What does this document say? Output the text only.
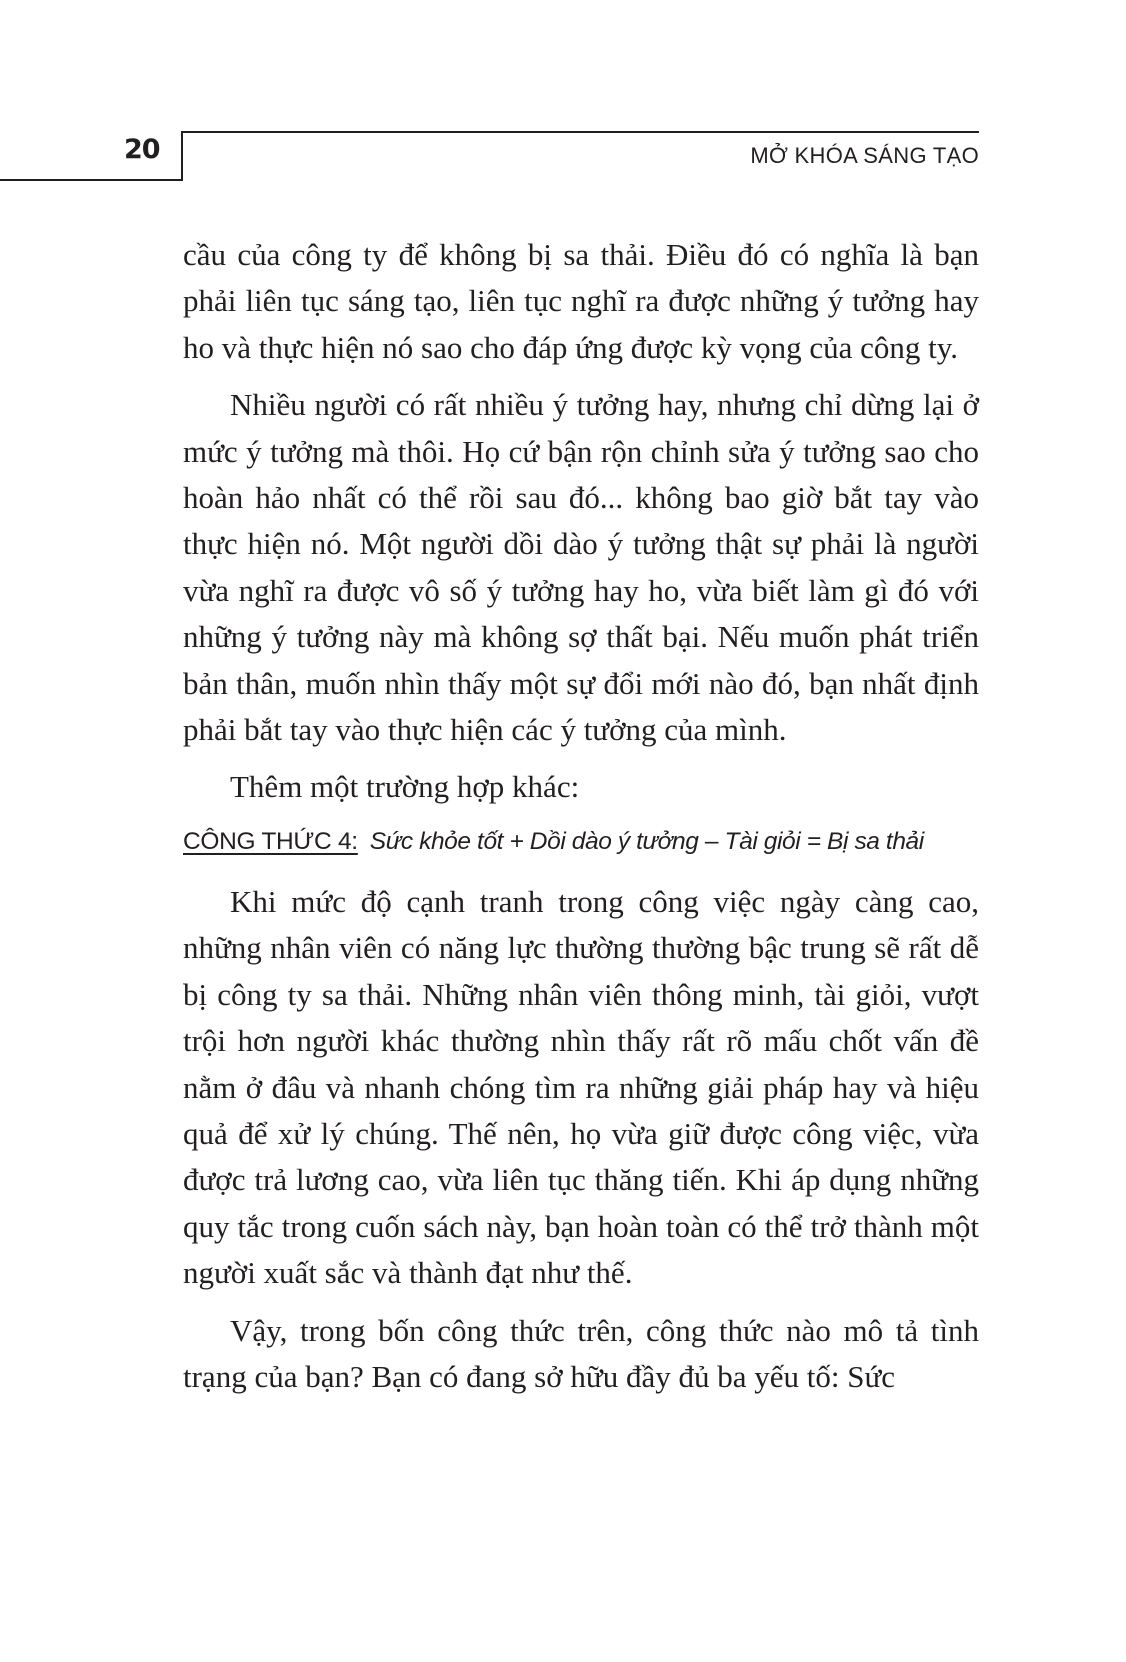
20	MỞ KHÓA SÁNG TẠO

cầu của công ty để không bị sa thải. Điều đó có nghĩa là bạn phải liên tục sáng tạo, liên tục nghĩ ra được những ý tưởng hay ho và thực hiện nó sao cho đáp ứng được kỳ vọng của công ty.

Nhiều người có rất nhiều ý tưởng hay, nhưng chỉ dừng lại ở mức ý tưởng mà thôi. Họ cứ bận rộn chỉnh sửa ý tưởng sao cho hoàn hảo nhất có thể rồi sau đó... không bao giờ bắt tay vào thực hiện nó. Một người dồi dào ý tưởng thật sự phải là người vừa nghĩ ra được vô số ý tưởng hay ho, vừa biết làm gì đó với những ý tưởng này mà không sợ thất bại. Nếu muốn phát triển bản thân, muốn nhìn thấy một sự đổi mới nào đó, bạn nhất định phải bắt tay vào thực hiện các ý tưởng của mình.

Thêm một trường hợp khác:

CÔNG THỨC 4: Sức khỏe tốt + Dồi dào ý tưởng – Tài giỏi = Bị sa thải

Khi mức độ cạnh tranh trong công việc ngày càng cao, những nhân viên có năng lực thường thường bậc trung sẽ rất dễ bị công ty sa thải. Những nhân viên thông minh, tài giỏi, vượt trội hơn người khác thường nhìn thấy rất rõ mấu chốt vấn đề nằm ở đâu và nhanh chóng tìm ra những giải pháp hay và hiệu quả để xử lý chúng. Thế nên, họ vừa giữ được công việc, vừa được trả lương cao, vừa liên tục thăng tiến. Khi áp dụng những quy tắc trong cuốn sách này, bạn hoàn toàn có thể trở thành một người xuất sắc và thành đạt như thế.

Vậy, trong bốn công thức trên, công thức nào mô tả tình trạng của bạn? Bạn có đang sở hữu đầy đủ ba yếu tố: Sức
